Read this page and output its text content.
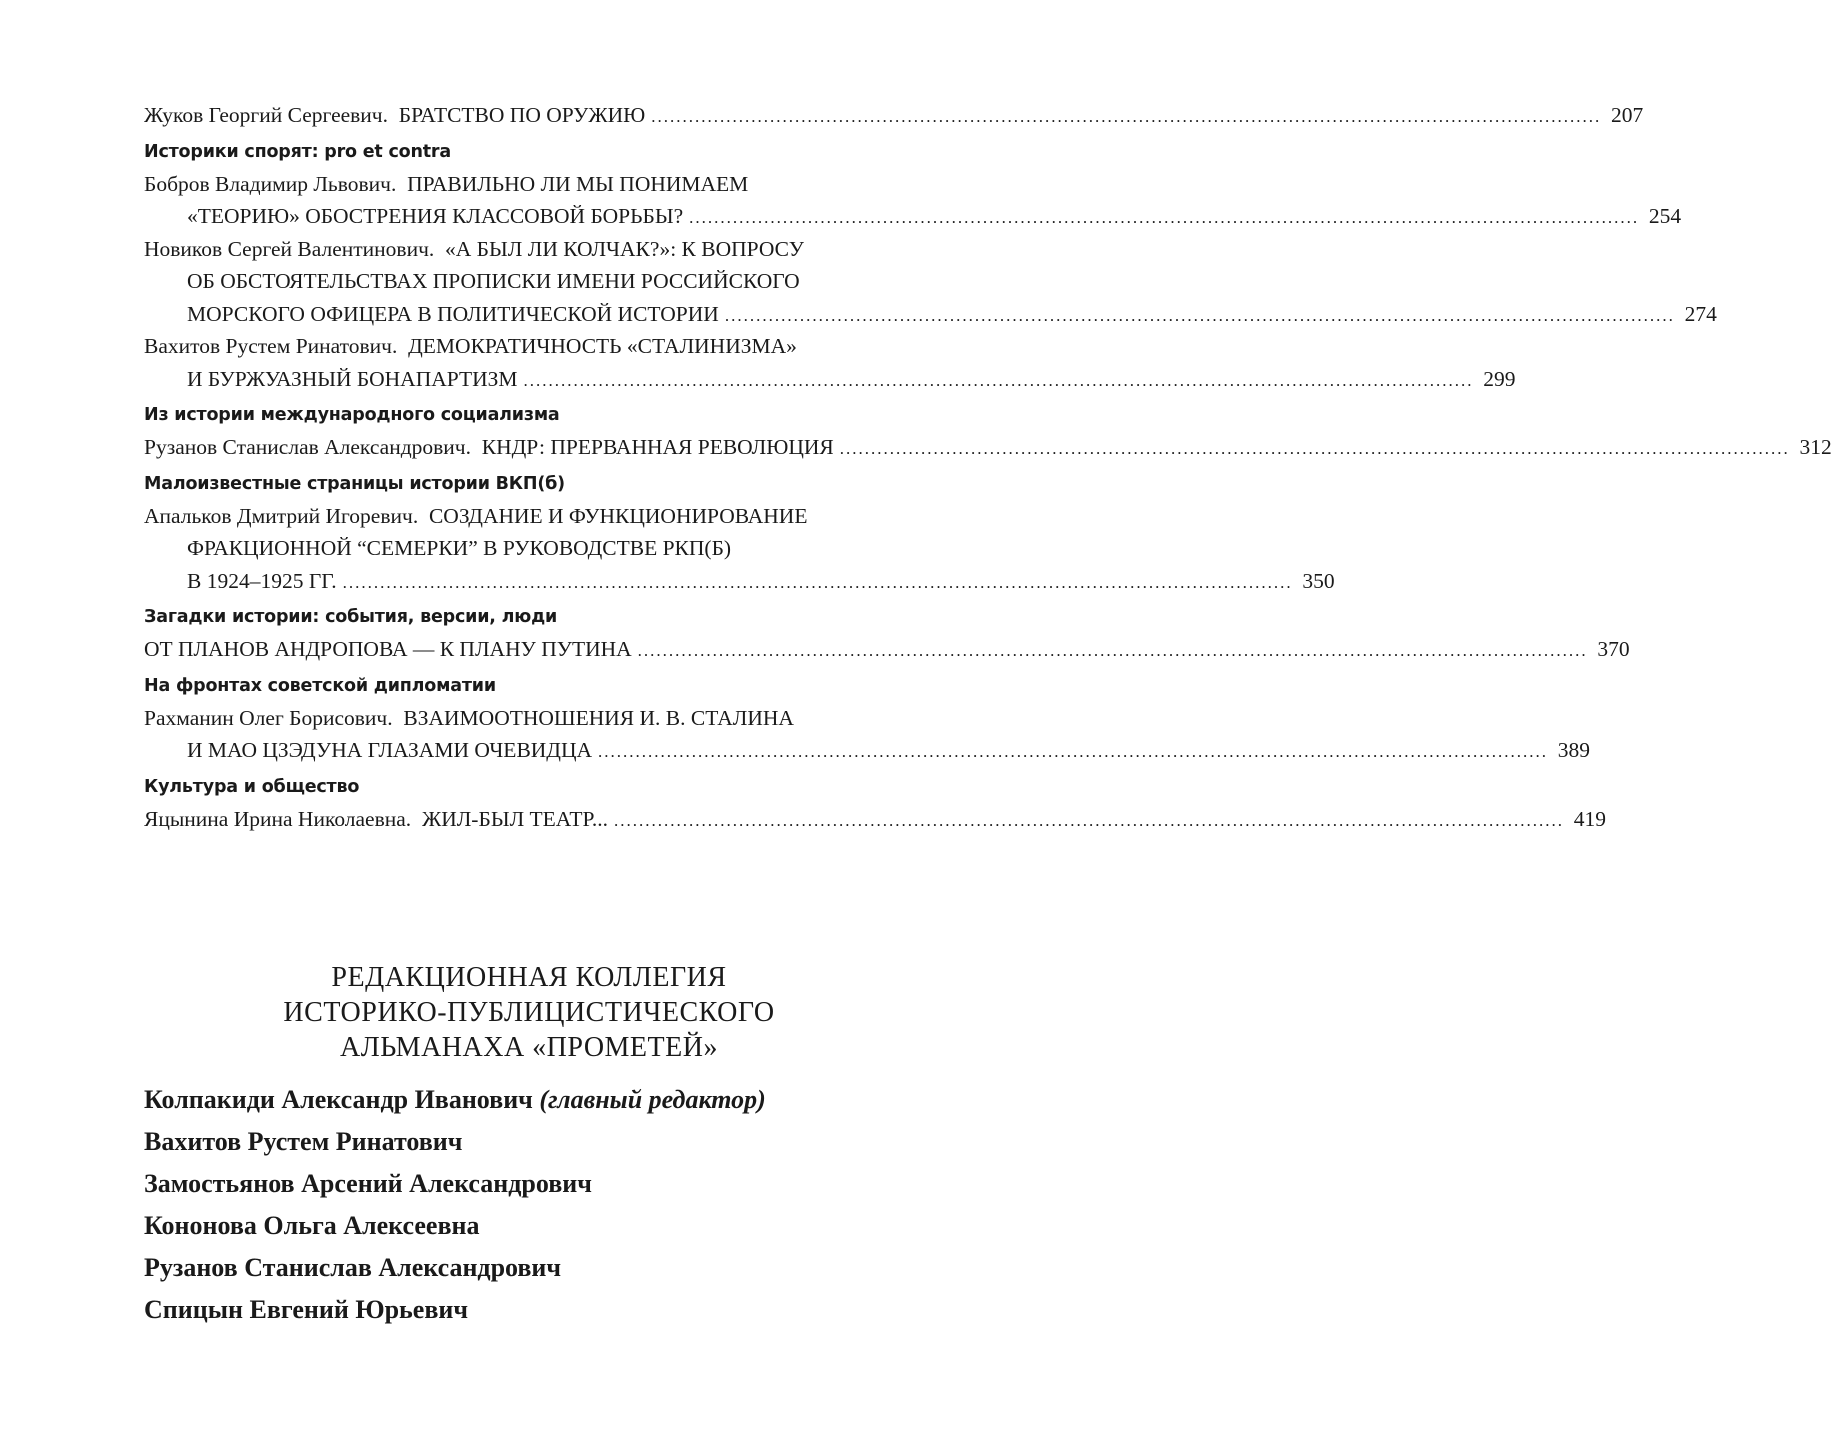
Жуков Георгий Сергеевич.
БРАТСТВО ПО ОРУЖИЮ ........................................................................................................................................................ 207
Историки спорят: pro et contra
Бобров Владимир Львович.
ПРАВИЛЬНО ЛИ МЫ ПОНИМАЕМ
«ТЕОРИЮ» ОБОСТРЕНИЯ КЛАССОВОЙ БОРЬБЫ? ........................................................................................................................................................ 254
Новиков Сергей Валентинович.
«А БЫЛ ЛИ КОЛЧАК?»: К ВОПРОСУ
ОБ ОБСТОЯТЕЛЬСТВАХ ПРОПИСКИ ИМЕНИ РОССИЙСКОГО
МОРСКОГО ОФИЦЕРА В ПОЛИТИЧЕСКОЙ ИСТОРИИ ........................................................................................................................................................ 274
Вахитов Рустем Ринатович.
ДЕМОКРАТИЧНОСТЬ «СТАЛИНИЗМА»
И БУРЖУАЗНЫЙ БОНАПАРТИЗМ ........................................................................................................................................................ 299
Из истории международного социализма
Рузанов Станислав Александрович.
КНДР: ПРЕРВАННАЯ РЕВОЛЮЦИЯ ........................................................................................................................................................ 312
Малоизвестные страницы истории ВКП(б)
Апальков Дмитрий Игоревич.
СОЗДАНИЕ И ФУНКЦИОНИРОВАНИЕ
ФРАКЦИОННОЙ “СЕМЕРКИ” В РУКОВОДСТВЕ РКП(Б)
В 1924–1925 ГГ. ........................................................................................................................................................ 350
Загадки истории: события, версии, люди
ОТ ПЛАНОВ АНДРОПОВА — К ПЛАНУ ПУТИНА ........................................................................................................................................................ 370
На фронтах советской дипломатии
Рахманин Олег Борисович.
ВЗАИМООТНОШЕНИЯ И. В. СТАЛИНА
И МАО ЦЗЭДУНА ГЛАЗАМИ ОЧЕВИДЦА ........................................................................................................................................................ 389
Культура и общество
Яцынина Ирина Николаевна.
ЖИЛ-БЫЛ ТЕАТР... ........................................................................................................................................................ 419
РЕДАКЦИОННАЯ КОЛЛЕГИЯ
ИСТОРИКО-ПУБЛИЦИСТИЧЕСКОГО
АЛЬМАНАХА «ПРОМЕТЕЙ»
Колпакиди Александр Иванович (главный редактор)
Вахитов Рустем Ринатович
Замостьянов Арсений Александрович
Кононова Ольга Алексеевна
Рузанов Станислав Александрович
Спицын Евгений Юрьевич
